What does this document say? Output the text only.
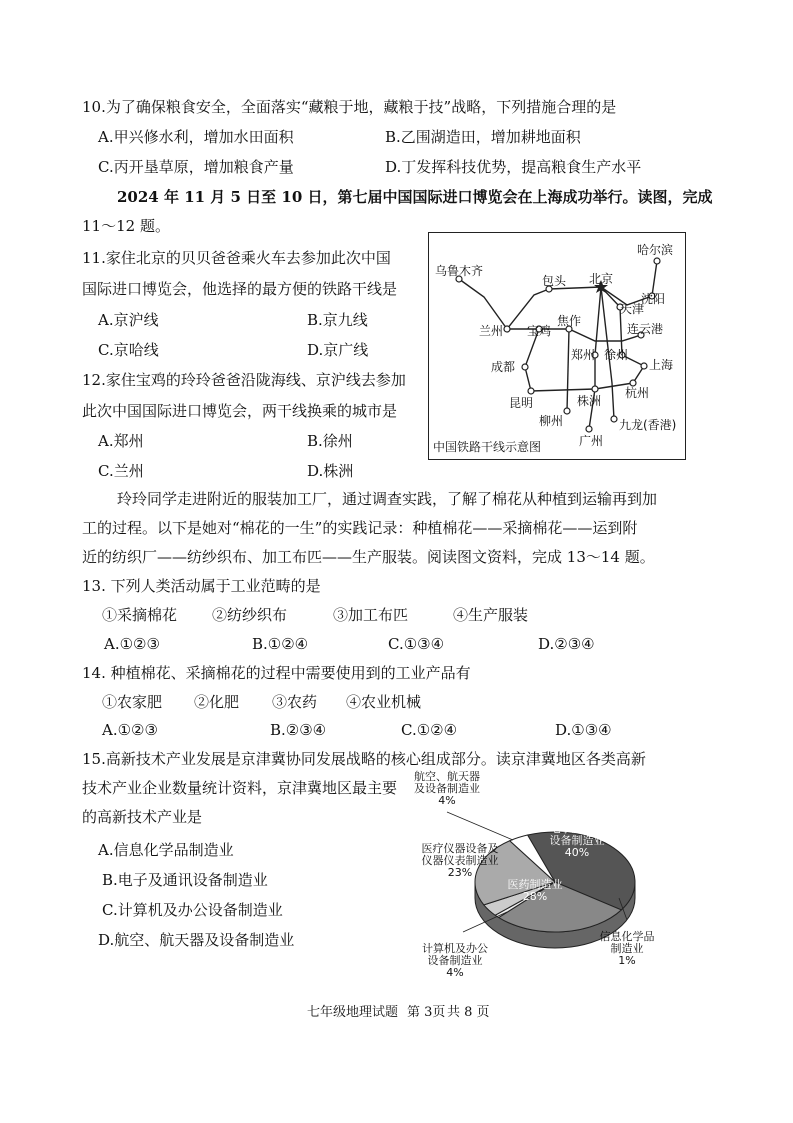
10.为了确保粮食安全，全面落实“藏粮于地，藏粮于技”战略，下列措施合理的是
A.甲兴修水利，增加水田面积	B.乙围湖造田，增加耕地面积
C.丙开垦草原，增加粮食产量	D.丁发挥科技优势，提高粮食生产水平
2024 年 11 月 5 日至 10 日，第七届中国国际进口博览会在上海成功举行。读图，完成
11～12 题。
11.家住北京的贝贝爸爸乘火车去参加此次中国
国际进口博览会，他选择的最方便的铁路干线是
A.京沪线	B.京九线
C.京哈线	D.京广线
12.家住宝鸡的玲玲爸爸沿陇海线、京沪线去参加
此次中国国际进口博览会，两干线换乘的城市是
A.郑州	B.徐州
C.兰州	D.株洲
乌鲁木齐
包头 北京
哈尔滨
沈阳
天津
连云港
兰州 宝鸡
焦作
郑州 徐州
上海
成都
杭州
昆明	株洲
柳州
广州
九龙(香港)
中国铁路干线示意图
玲玲同学走进附近的服装加工厂，通过调查实践，了解了棉花从种植到运输再到加
工的过程。以下是她对“棉花的一生”的实践记录：种植棉花——采摘棉花——运到附
近的纺织厂——纺纱织布、加工布匹——生产服装。阅读图文资料，完成 13～14 题。
13. 下列人类活动属于工业范畴的是
①采摘棉花 ②纺纱织布	③加工布匹	④生产服装
A.①②③	B.①②④	C.①③④	D.②③④
14. 种植棉花、采摘棉花的过程中需要使用到的工业产品有
①农家肥 ②化肥 ③农药 ④农业机械
A.①②③	B.②③④	C.①②④	D.①③④
15.高新技术产业发展是京津冀协同发展战略的核心组成部分。读京津冀地区各类高新
技术产业企业数量统计资料，京津冀地区最主要
的高新技术产业是
A.信息化学品制造业
B.电子及通讯设备制造业
C.计算机及办公设备制造业
D.航空、航天器及设备制造业
电子及通讯设备制造业 40%
医药制造业 28%
信息化学品制造业 1%
计算机及办公设备制造业 4%
医疗仪器设备及仪器仪表制造业 23%
航空、航天器及设备制造业 4%
七年级地理试题 第 3页 共 8 页
